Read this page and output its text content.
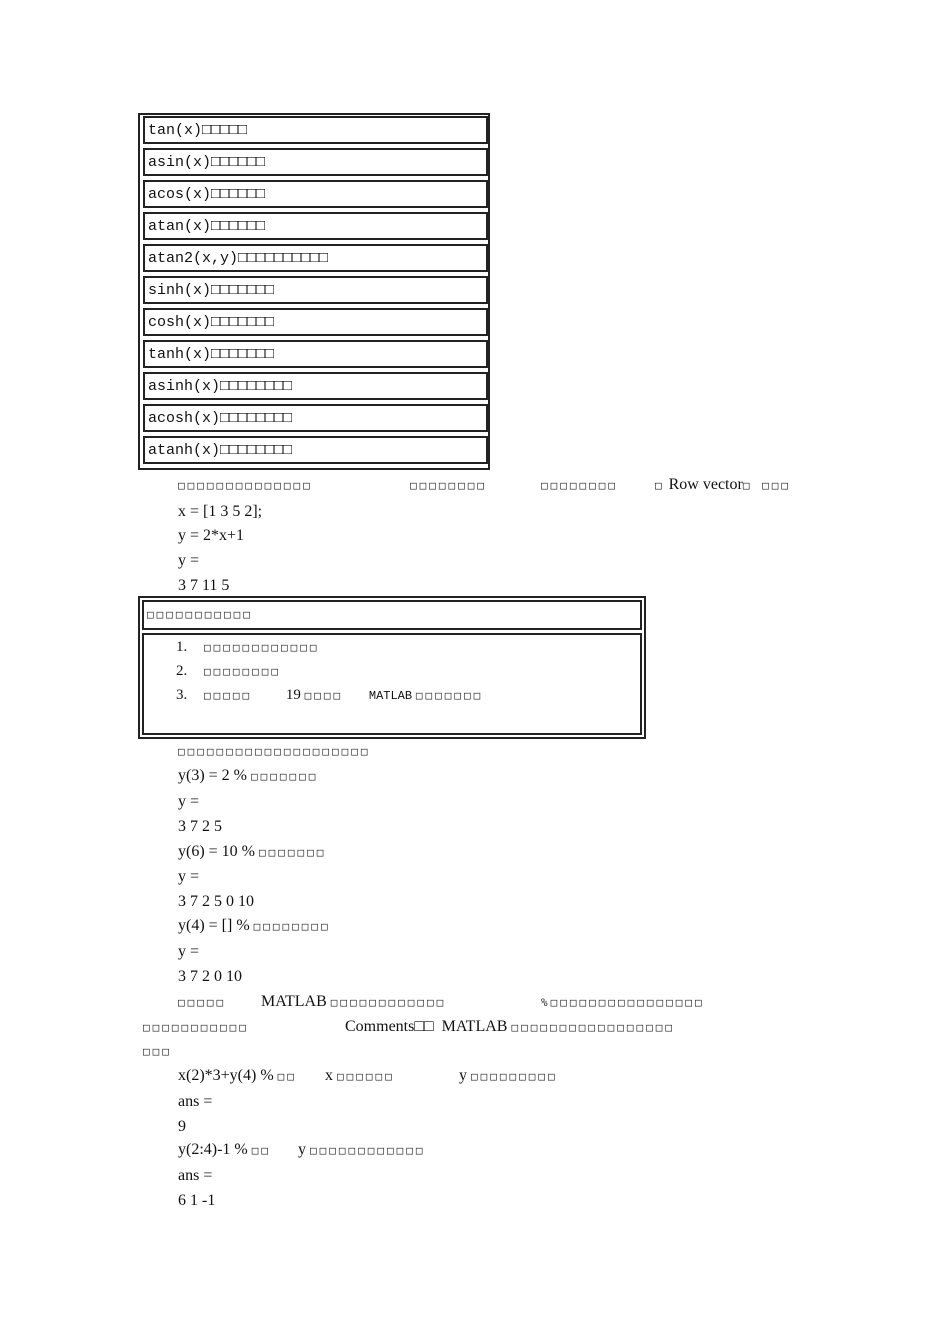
tan(x)□□□□□
asin(x)□□□□□□
acos(x)□□□□□□
atan(x)□□□□□□
atan2(x,y)□□□□□□□□□□
sinh(x)□□□□□□□
cosh(x)□□□□□□□
tanh(x)□□□□□□□
asinh(x)□□□□□□□□
acosh(x)□□□□□□□□
atanh(x)□□□□□□□□
□□□□□□□□□□□□□□	□□□□□□□□	□□□□□□□□	□ Row vector□ □□□
x = [1 3 5 2];
y = 2*x+1
y =
3 7 11 5
□□□□□□□□□□□
1. □□□□□□□□□□□□
2. □□□□□□□□
3. □□□□□ 19 □□□□ MATLAB □□□□□□□
□□□□□□□□□□□□□□□□□□□□
y(3) = 2 % □□□□□□□
y =
3 7 2 5
y(6) = 10 % □□□□□□□
y =
3 7 2 5 0 10
y(4) = [] % □□□□□□□□
y =
3 7 2 0 10
□□□□□ MATLAB □□□□□□□□□□□□	%□□□□□□□□□□□□□□□□
□□□□□□□□□□□	Comments□□ MATLAB □□□□□□□□□□□□□□□□□
□□□
x(2)*3+y(4) % □□ x □□□□□□	y □□□□□□□□□
ans =
9
y(2:4)-1 % □□ y □□□□□□□□□□□□
ans =
6 1 -1
